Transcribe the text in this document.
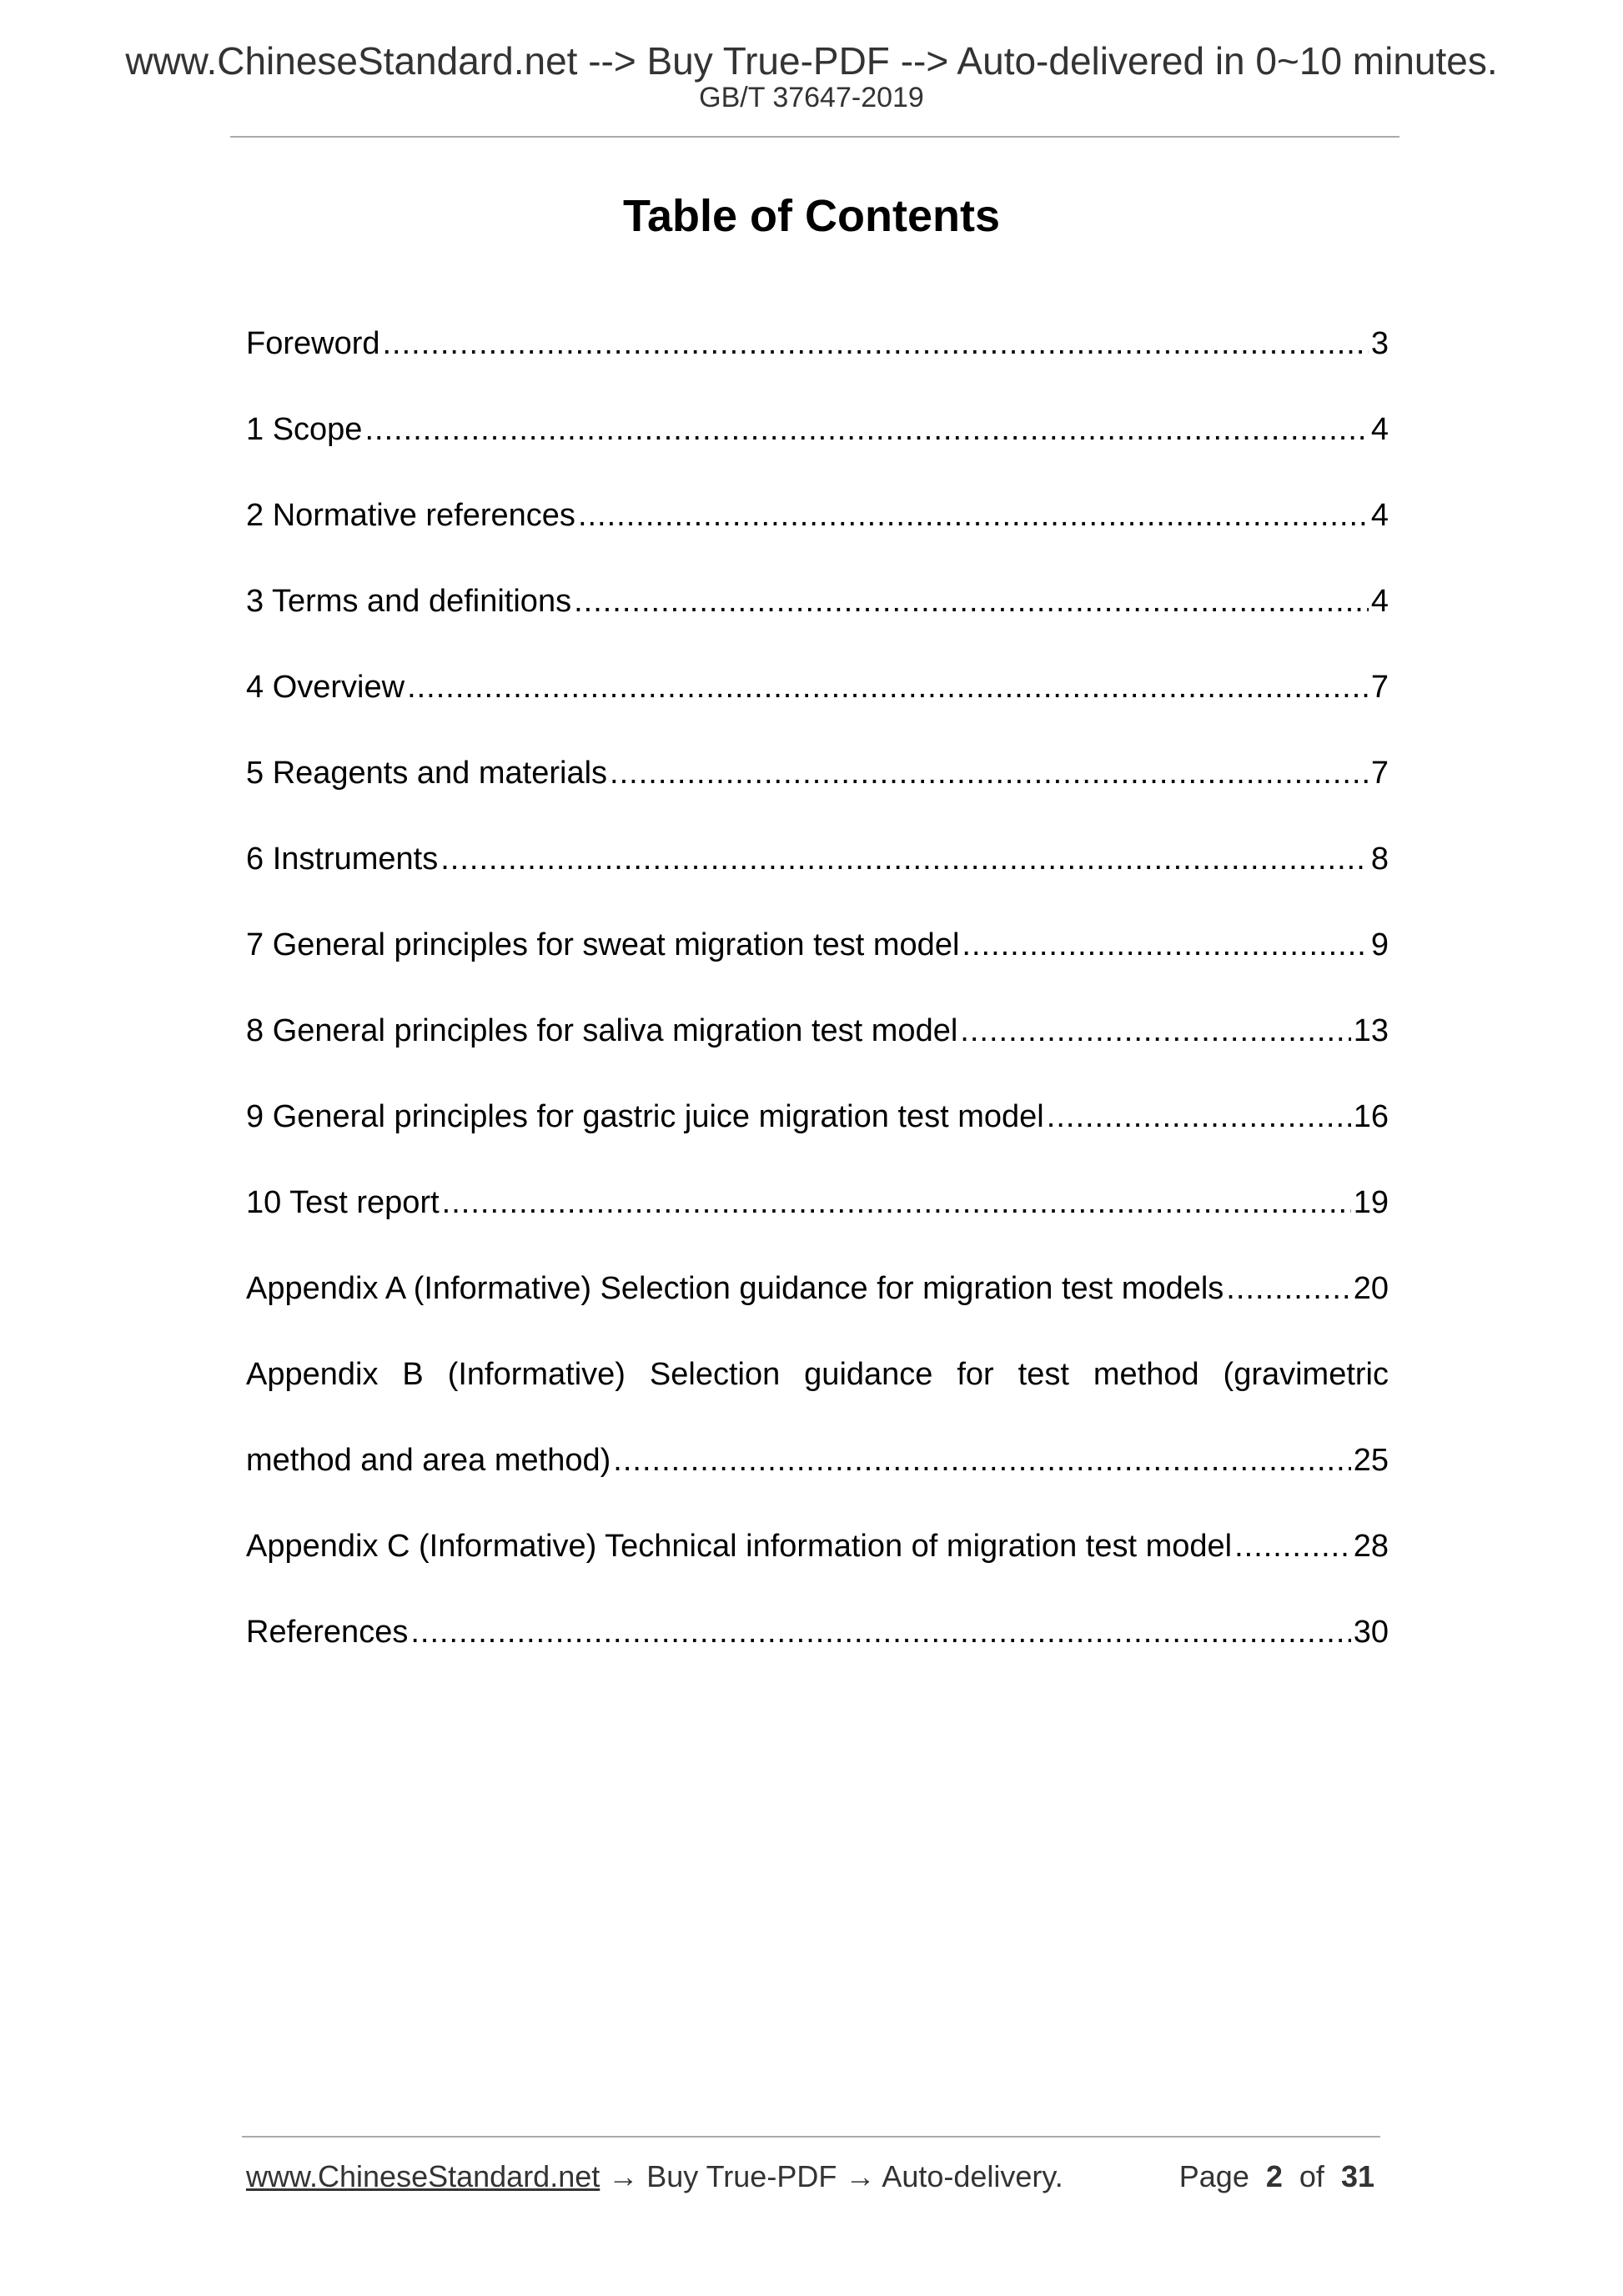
www.ChineseStandard.net --> Buy True-PDF --> Auto-delivered in 0~10 minutes.
GB/T 37647-2019
Table of Contents
Foreword .....	3
1 Scope .....	4
2 Normative references .....	4
3 Terms and definitions .....	4
4 Overview .....	7
5 Reagents and materials .....	7
6 Instruments .....	8
7 General principles for sweat migration test model .....	9
8 General principles for saliva migration test model .....	13
9 General principles for gastric juice migration test model .....	16
10 Test report .....	19
Appendix A (Informative) Selection guidance for migration test models .....	20
Appendix B (Informative) Selection guidance for test method (gravimetric
method and area method) .....	25
Appendix C (Informative) Technical information of migration test model .....	28
References .....	30
www.ChineseStandard.net → Buy True-PDF → Auto-delivery.	Page 2 of 31
